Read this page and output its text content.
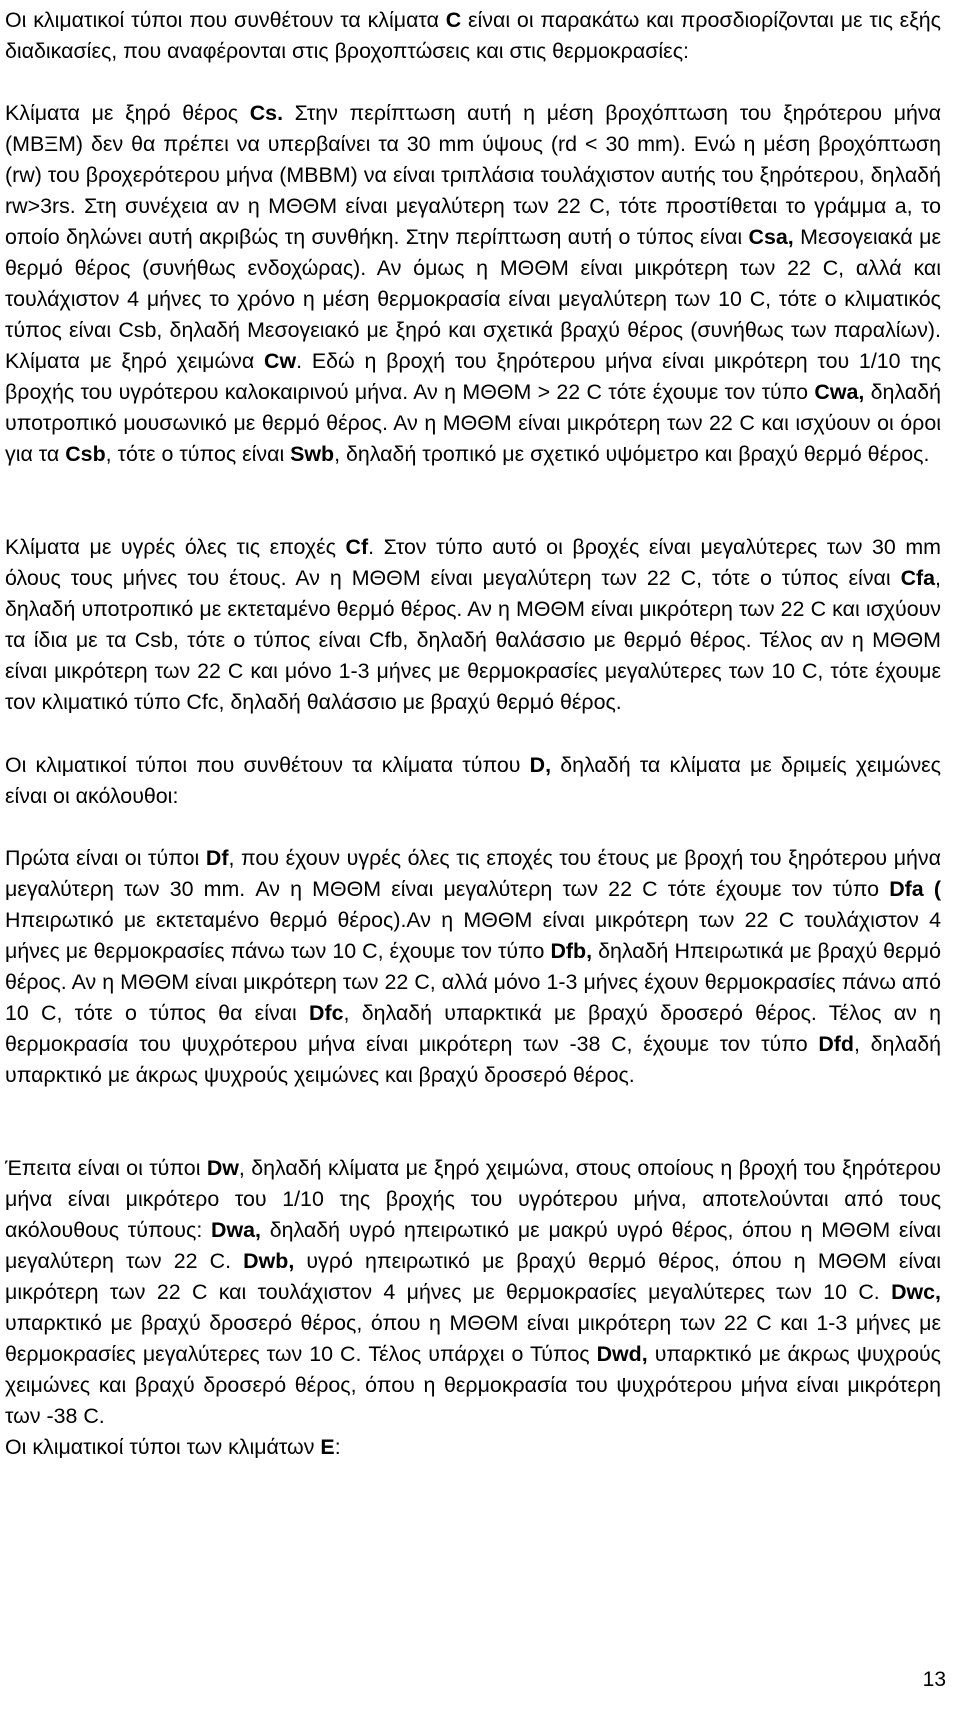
Οι κλιματικοί τύποι που συνθέτουν τα κλίματα C είναι οι παρακάτω και προσδιορίζονται με τις εξής διαδικασίες, που αναφέρονται στις βροχοπτώσεις και στις θερμοκρασίες:

Κλίματα με ξηρό θέρος Cs. Στην περίπτωση αυτή η μέση βροχόπτωση του ξηρότερου μήνα (ΜΒΞΜ) δεν θα πρέπει να υπερβαίνει τα 30 mm ύψους (rd < 30 mm). Ενώ η μέση βροχόπτωση (rw) του βροχερότερου μήνα (ΜΒΒΜ) να είναι τριπλάσια τουλάχιστον αυτής του ξηρότερου, δηλαδή rw>3rs. Στη συνέχεια αν η ΜΘΘΜ είναι μεγαλύτερη των 22 C, τότε προστίθεται το γράμμα a, το οποίο δηλώνει αυτή ακριβώς τη συνθήκη. Στην περίπτωση αυτή ο τύπος είναι Csa, Μεσογειακά με θερμό θέρος (συνήθως ενδοχώρας). Αν όμως η ΜΘΘΜ είναι μικρότερη των 22 C, αλλά και τουλάχιστον 4 μήνες το χρόνο η μέση θερμοκρασία είναι μεγαλύτερη των 10 C, τότε ο κλιματικός τύπος είναι Csb, δηλαδή Μεσογειακό με ξηρό και σχετικά βραχύ θέρος (συνήθως των παραλίων). Κλίματα με ξηρό χειμώνα Cw. Εδώ η βροχή του ξηρότερου μήνα είναι μικρότερη του 1/10 της βροχής του υγρότερου καλοκαιρινού μήνα. Αν η ΜΘΘΜ > 22 C τότε έχουμε τον τύπο Cwa, δηλαδή υποτροπικό μουσωνικό με θερμό θέρος. Αν η ΜΘΘΜ είναι μικρότερη των 22 C και ισχύουν οι όροι για τα Csb, τότε ο τύπος είναι Swb, δηλαδή τροπικό με σχετικό υψόμετρο και βραχύ θερμό θέρος.

Κλίματα με υγρές όλες τις εποχές Cf. Στον τύπο αυτό οι βροχές είναι μεγαλύτερες των 30 mm όλους τους μήνες του έτους. Αν η ΜΘΘΜ είναι μεγαλύτερη των 22 C, τότε ο τύπος είναι Cfa, δηλαδή υποτροπικό με εκτεταμένο θερμό θέρος. Αν η ΜΘΘΜ είναι μικρότερη των 22 C και ισχύουν τα ίδια με τα Csb, τότε ο τύπος είναι Cfb, δηλαδή θαλάσσιο με θερμό θέρος. Τέλος αν η ΜΘΘΜ είναι μικρότερη των 22 C και μόνο 1-3 μήνες με θερμοκρασίες μεγαλύτερες των 10 C, τότε έχουμε τον κλιματικό τύπο Cfc, δηλαδή θαλάσσιο με βραχύ θερμό θέρος.

Οι κλιματικοί τύποι που συνθέτουν τα κλίματα τύπου D, δηλαδή τα κλίματα με δριμείς χειμώνες είναι οι ακόλουθοι:

Πρώτα είναι οι τύποι Df, που έχουν υγρές όλες τις εποχές του έτους με βροχή του ξηρότερου μήνα μεγαλύτερη των 30 mm. Αν η ΜΘΘΜ είναι μεγαλύτερη των 22 C τότε έχουμε τον τύπο Dfa ( Ηπειρωτικό με εκτεταμένο θερμό θέρος).Αν η ΜΘΘΜ είναι μικρότερη των 22 C τουλάχιστον 4 μήνες με θερμοκρασίες πάνω των 10 C, έχουμε τον τύπο Dfb, δηλαδή Ηπειρωτικά με βραχύ θερμό θέρος. Αν η ΜΘΘΜ είναι μικρότερη των 22 C, αλλά μόνο 1-3 μήνες έχουν θερμοκρασίες πάνω από 10 C, τότε ο τύπος θα είναι Dfc, δηλαδή υπαρκτικά με βραχύ δροσερό θέρος. Τέλος αν η θερμοκρασία του ψυχρότερου μήνα είναι μικρότερη των -38 C, έχουμε τον τύπο Dfd, δηλαδή υπαρκτικό με άκρως ψυχρούς χειμώνες και βραχύ δροσερό θέρος.

Έπειτα είναι οι τύποι Dw, δηλαδή κλίματα με ξηρό χειμώνα, στους οποίους η βροχή του ξηρότερου μήνα είναι μικρότερο του 1/10 της βροχής του υγρότερου μήνα, αποτελούνται από τους ακόλουθους τύπους: Dwa, δηλαδή υγρό ηπειρωτικό με μακρύ υγρό θέρος, όπου η ΜΘΘΜ είναι μεγαλύτερη των 22 C. Dwb, υγρό ηπειρωτικό με βραχύ θερμό θέρος, όπου η ΜΘΘΜ είναι μικρότερη των 22 C και τουλάχιστον 4 μήνες με θερμοκρασίες μεγαλύτερες των 10 C. Dwc, υπαρκτικό με βραχύ δροσερό θέρος, όπου η ΜΘΘΜ είναι μικρότερη των 22 C και 1-3 μήνες με θερμοκρασίες μεγαλύτερες των 10 C. Τέλος υπάρχει ο Τύπος Dwd, υπαρκτικό με άκρως ψυχρούς χειμώνες και βραχύ δροσερό θέρος, όπου η θερμοκρασία του ψυχρότερου μήνα είναι μικρότερη των -38 C.

Οι κλιματικοί τύποι των κλιμάτων E:

13
